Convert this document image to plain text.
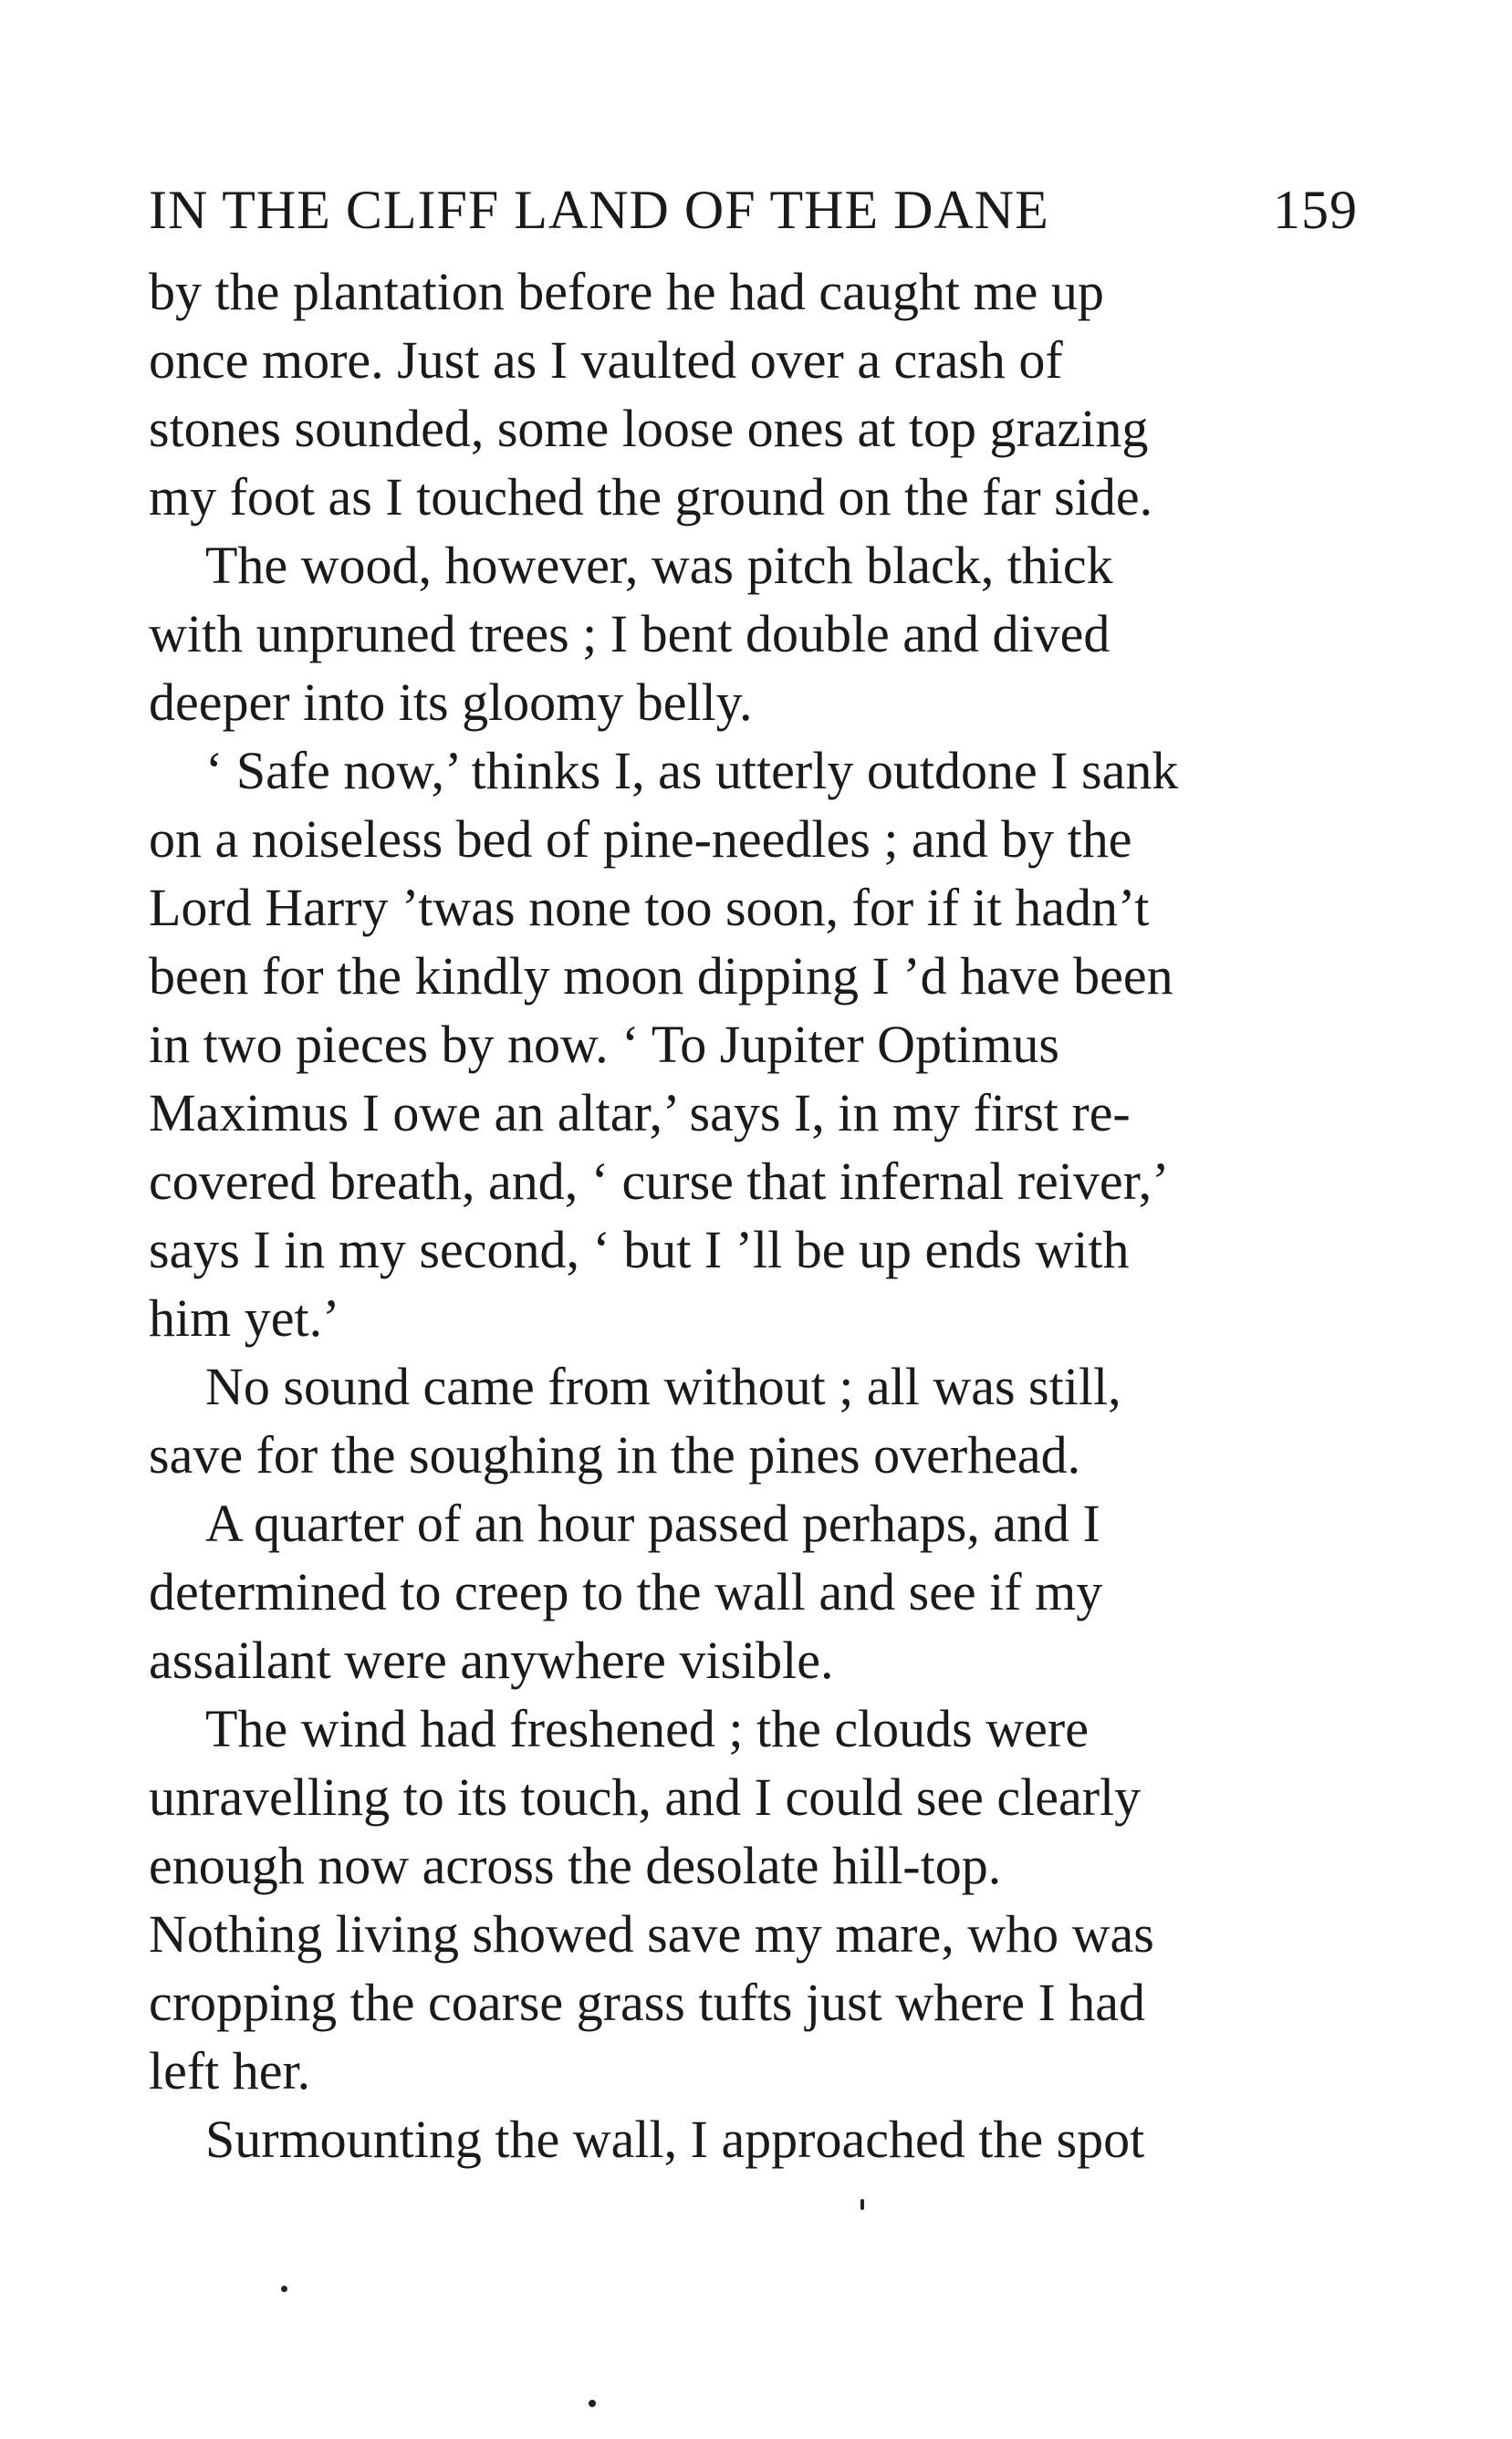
IN THE CLIFF LAND OF THE DANE	159
by the plantation before he had caught me up
once more. Just as I vaulted over a crash of
stones sounded, some loose ones at top grazing
my foot as I touched the ground on the far side.
The wood, however, was pitch black, thick
with unpruned trees ; I bent double and dived
deeper into its gloomy belly.
‘ Safe now,’ thinks I, as utterly outdone I sank
on a noiseless bed of pine-needles ; and by the
Lord Harry ’twas none too soon, for if it hadn’t
been for the kindly moon dipping I ’d have been
in two pieces by now. ‘ To Jupiter Optimus
Maximus I owe an altar,’ says I, in my first re-
covered breath, and, ‘ curse that infernal reiver,’
says I in my second, ‘ but I ’ll be up ends with
him yet.’
No sound came from without ; all was still,
save for the soughing in the pines overhead.
A quarter of an hour passed perhaps, and I
determined to creep to the wall and see if my
assailant were anywhere visible.
The wind had freshened ; the clouds were
unravelling to its touch, and I could see clearly
enough now across the desolate hill-top.
Nothing living showed save my mare, who was
cropping the coarse grass tufts just where I had
left her.
Surmounting the wall, I approached the spot
